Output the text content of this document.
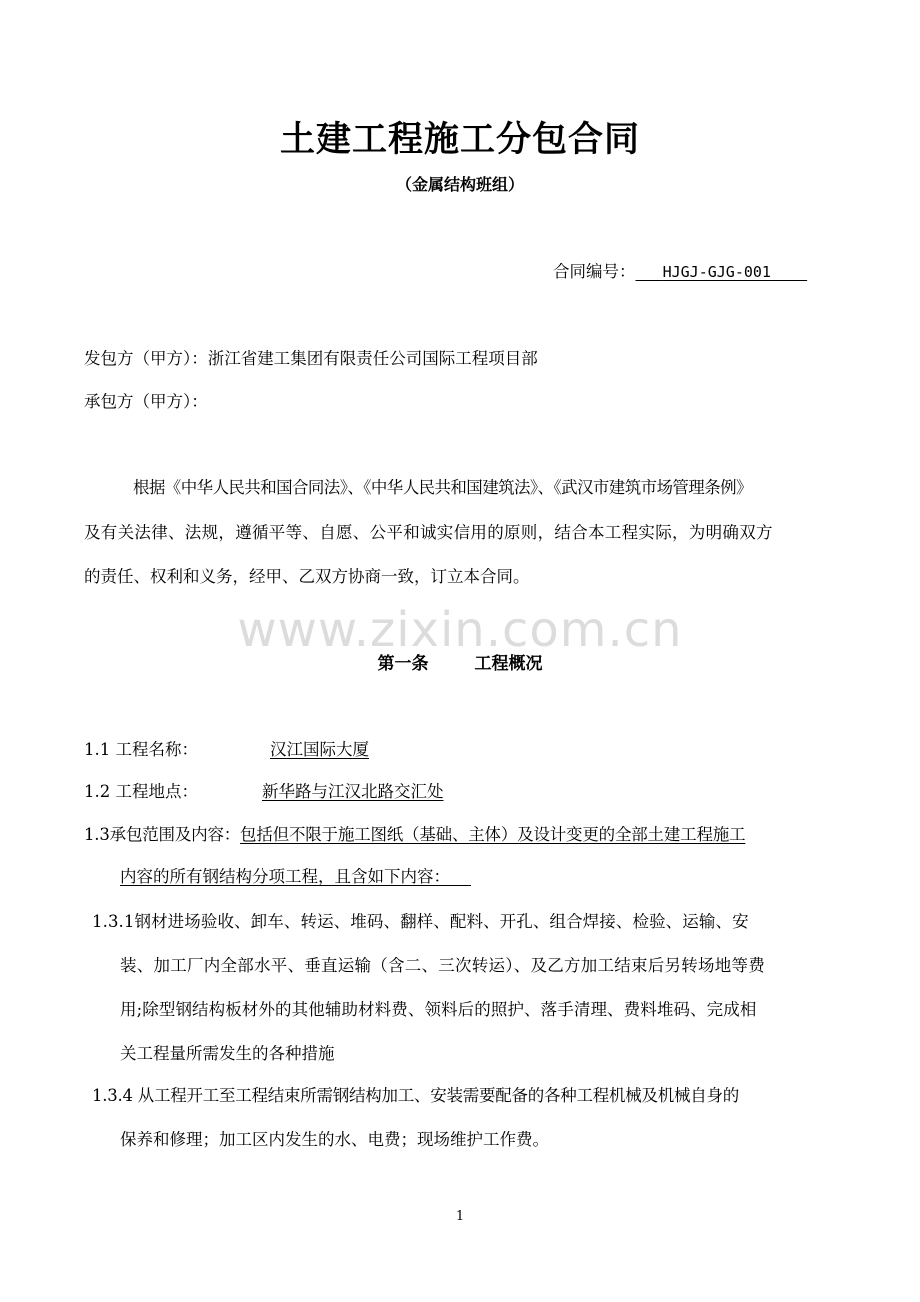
土建工程施工分包合同
（金属结构班组）
合同编号： HJGJ-GJG-001
发包方（甲方）：浙江省建工集团有限责任公司国际工程项目部
承包方（甲方）：
根据《中华人民共和国合同法》、《中华人民共和国建筑法》、《武汉市建筑市场管理条例》
及有关法律、法规，遵循平等、自愿、公平和诚实信用的原则，结合本工程实际，为明确双方
的责任、权利和义务，经甲、乙双方协商一致，订立本合同。
www.zixin.com.cn
第一条	工程概况
1.1 工程名称：	汉江国际大厦
1.2 工程地点：	新华路与江汉北路交汇处
1.3承包范围及内容：包括但不限于施工图纸（基础、主体）及设计变更的全部土建工程施工
内容的所有钢结构分项工程，且含如下内容：
1.3.1钢材进场验收、卸车、转运、堆码、翻样、配料、开孔、组合焊接、检验、运输、安
装、加工厂内全部水平、垂直运输（含二、三次转运）、及乙方加工结束后另转场地等费
用;除型钢结构板材外的其他辅助材料费、领料后的照护、落手清理、费料堆码、完成相
关工程量所需发生的各种措施
1.3.4 从工程开工至工程结束所需钢结构加工、安装需要配备的各种工程机械及机械自身的
保养和修理；加工区内发生的水、电费；现场维护工作费。
1
